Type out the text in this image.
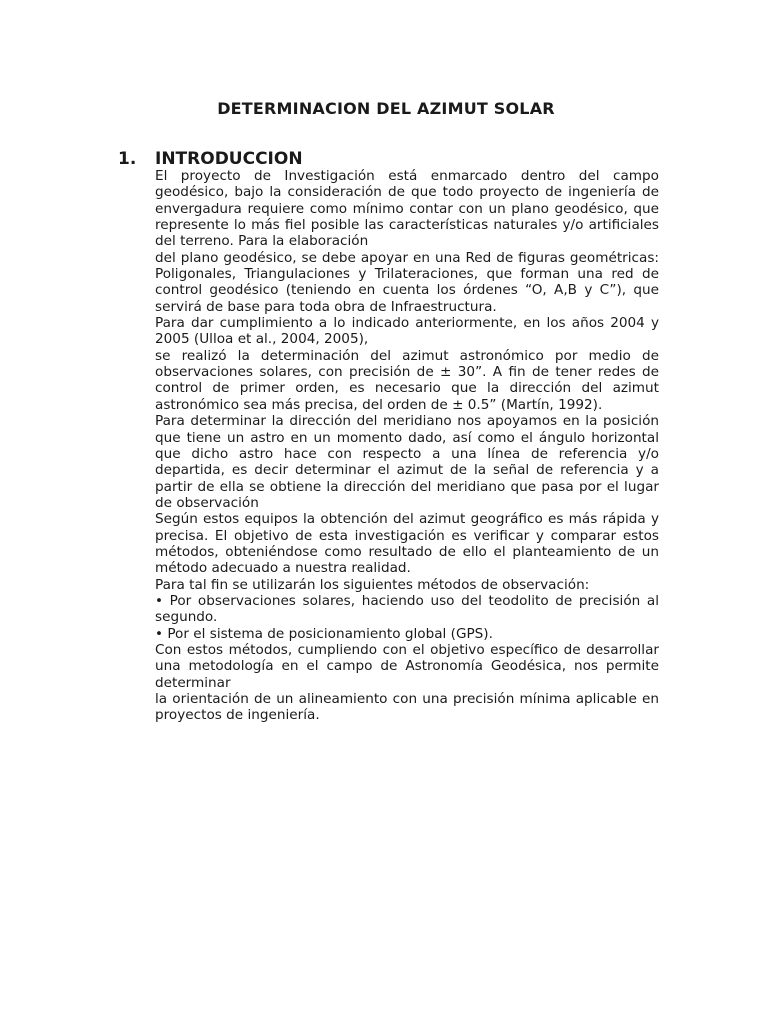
DETERMINACION DEL AZIMUT SOLAR
1.	INTRODUCCION

El proyecto de Investigación está enmarcado dentro del campo geodésico, bajo la consideración de que todo proyecto de ingeniería de envergadura requiere como mínimo contar con un plano geodésico, que represente lo más fiel posible las características naturales y/o artificiales del terreno. Para la elaboración

del plano geodésico, se debe apoyar en una Red de figuras geométricas: Poligonales, Triangulaciones y Trilateraciones, que forman una red de control geodésico (teniendo en cuenta los órdenes “O, A,B y C”), que servirá de base para toda obra de Infraestructura.

Para dar cumplimiento a lo indicado anteriormente, en los años 2004 y 2005 (Ulloa et al., 2004, 2005),

se realizó la determinación del azimut astronómico por medio de observaciones solares, con precisión de ± 30”. A fin de tener redes de control de primer orden, es necesario que la dirección del azimut astronómico sea más precisa, del orden de ± 0.5” (Martín, 1992).

Para determinar la dirección del meridiano nos apoyamos en la posición que tiene un astro en un momento dado, así como el ángulo horizontal que dicho astro hace con respecto a una línea de referencia y/o departida, es decir determinar el azimut de la señal de referencia y a partir de ella se obtiene la dirección del meridiano que pasa por el lugar de observación

Según estos equipos la obtención del azimut geográfico es más rápida y precisa. El objetivo de esta investigación es verificar y comparar estos métodos, obteniéndose como resultado de ello el planteamiento de un método adecuado a nuestra realidad.

Para tal fin se utilizarán los siguientes métodos de observación:

• Por observaciones solares, haciendo uso del teodolito de precisión al segundo.

• Por el sistema de posicionamiento global (GPS).

Con estos métodos, cumpliendo con el objetivo específico de desarrollar una metodología en el campo de Astronomía Geodésica, nos permite determinar

la orientación de un alineamiento con una precisión mínima aplicable en proyectos de ingeniería.
